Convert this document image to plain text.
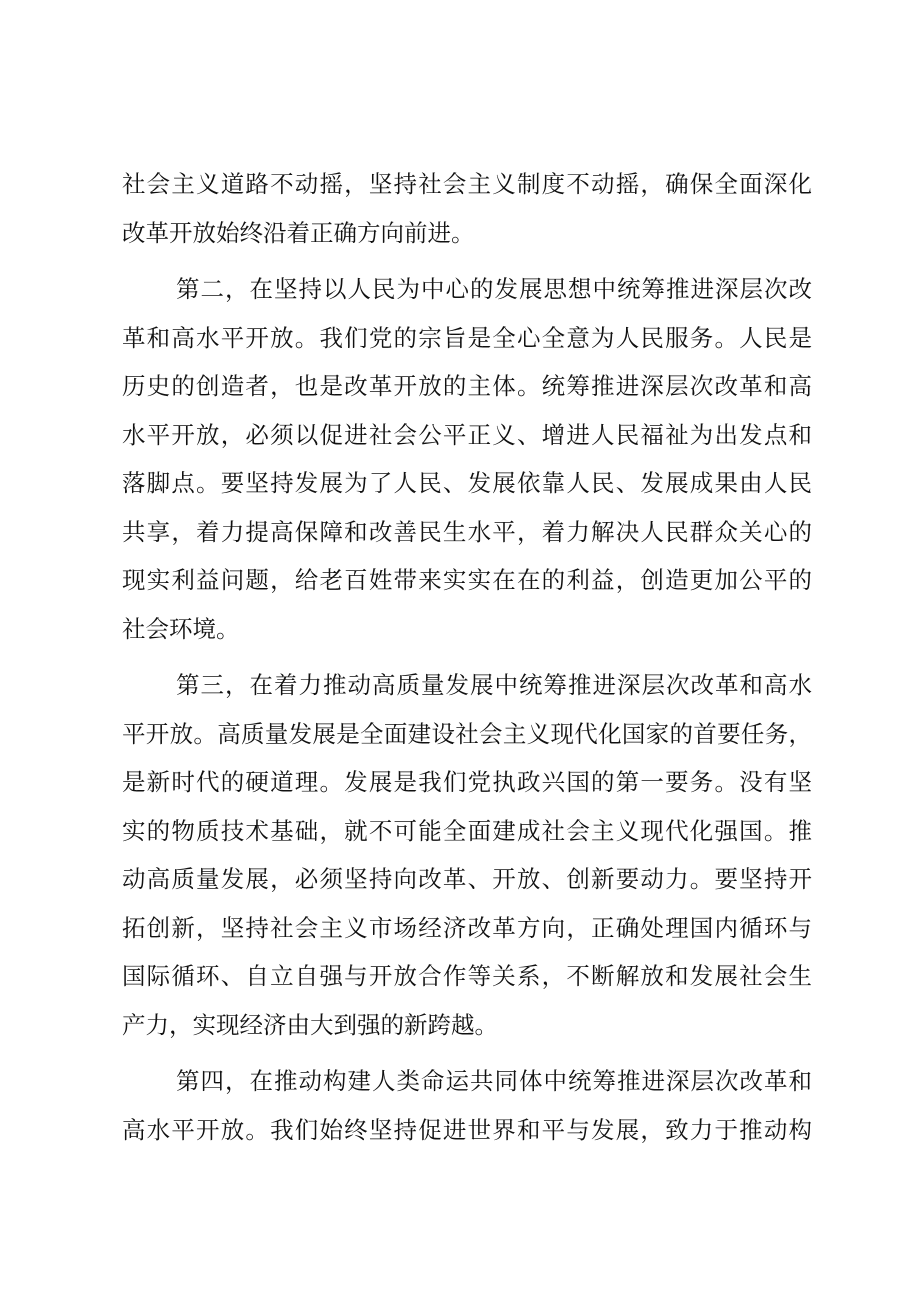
社会主义道路不动摇，坚持社会主义制度不动摇，确保全面深化
改革开放始终沿着正确方向前进。

第二，在坚持以人民为中心的发展思想中统筹推进深层次改
革和高水平开放。我们党的宗旨是全心全意为人民服务。人民是
历史的创造者，也是改革开放的主体。统筹推进深层次改革和高
水平开放，必须以促进社会公平正义、增进人民福祉为出发点和
落脚点。要坚持发展为了人民、发展依靠人民、发展成果由人民
共享，着力提高保障和改善民生水平，着力解决人民群众关心的
现实利益问题，给老百姓带来实实在在的利益，创造更加公平的
社会环境。

第三，在着力推动高质量发展中统筹推进深层次改革和高水
平开放。高质量发展是全面建设社会主义现代化国家的首要任务，
是新时代的硬道理。发展是我们党执政兴国的第一要务。没有坚
实的物质技术基础，就不可能全面建成社会主义现代化强国。推
动高质量发展，必须坚持向改革、开放、创新要动力。要坚持开
拓创新，坚持社会主义市场经济改革方向，正确处理国内循环与
国际循环、自立自强与开放合作等关系，不断解放和发展社会生
产力，实现经济由大到强的新跨越。

第四，在推动构建人类命运共同体中统筹推进深层次改革和
高水平开放。我们始终坚持促进世界和平与发展，致力于推动构
